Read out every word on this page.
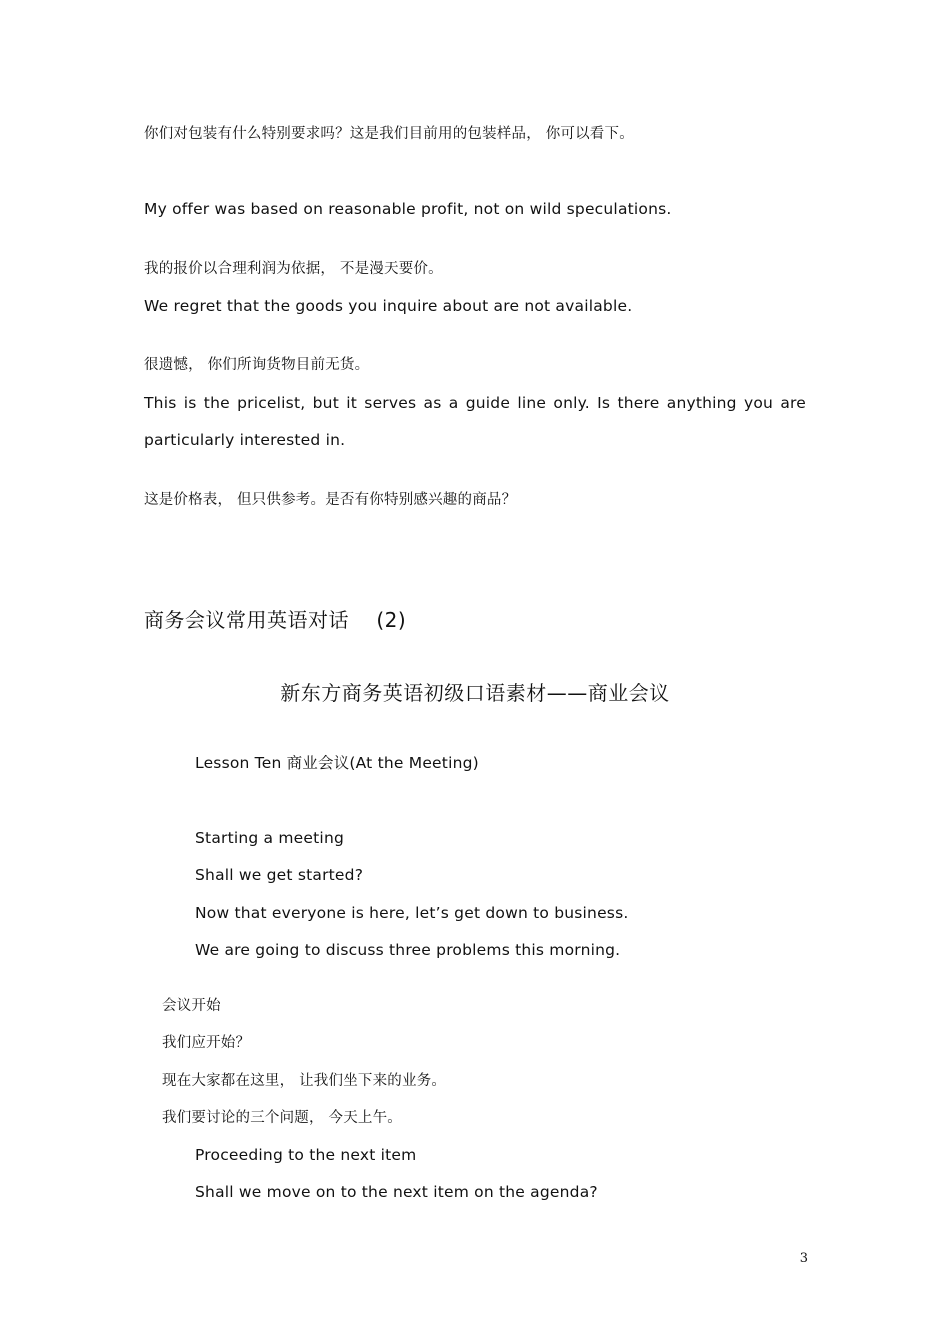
你们对包装有什么特别要求吗？这是我们目前用的包装样品， 你可以看下。
My offer was based on reasonable profit, not on wild speculations.
我的报价以合理利润为依据， 不是漫天要价。
We regret that the goods you inquire about are not available.
很遗憾， 你们所询货物目前无货。
This is the pricelist, but it serves as a guide line only. Is there anything you are
particularly interested in.
这是价格表， 但只供参考。是否有你特别感兴趣的商品？
商务会议常用英语对话 　(2)
新东方商务英语初级口语素材——商业会议
Lesson Ten 商业会议(At the Meeting)
Starting a meeting
Shall we get started?
Now that everyone is here, let’s get down to business.
We are going to discuss three problems this morning.
会议开始
我们应开始？
现在大家都在这里， 让我们坐下来的业务。
我们要讨论的三个问题， 今天上午。
Proceeding to the next item
Shall we move on to the next item on the agenda?
3
